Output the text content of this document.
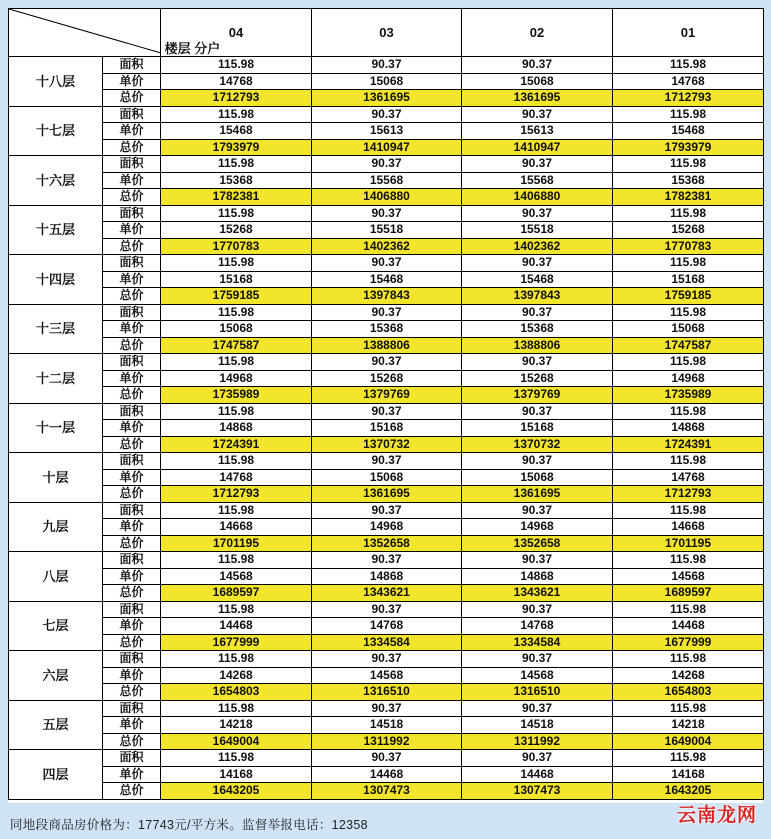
楼层 分户		04	03	02	01
十八层	面积	115.98	90.37	90.37	115.98
	单价	14768	15068	15068	14768
	总价	1712793	1361695	1361695	1712793
十七层	面积	115.98	90.37	90.37	115.98
	单价	15468	15613	15613	15468
	总价	1793979	1410947	1410947	1793979
十六层	面积	115.98	90.37	90.37	115.98
	单价	15368	15568	15568	15368
	总价	1782381	1406880	1406880	1782381
十五层	面积	115.98	90.37	90.37	115.98
	单价	15268	15518	15518	15268
	总价	1770783	1402362	1402362	1770783
十四层	面积	115.98	90.37	90.37	115.98
	单价	15168	15468	15468	15168
	总价	1759185	1397843	1397843	1759185
十三层	面积	115.98	90.37	90.37	115.98
	单价	15068	15368	15368	15068
	总价	1747587	1388806	1388806	1747587
十二层	面积	115.98	90.37	90.37	115.98
	单价	14968	15268	15268	14968
	总价	1735989	1379769	1379769	1735989
十一层	面积	115.98	90.37	90.37	115.98
	单价	14868	15168	15168	14868
	总价	1724391	1370732	1370732	1724391
十层	面积	115.98	90.37	90.37	115.98
	单价	14768	15068	15068	14768
	总价	1712793	1361695	1361695	1712793
九层	面积	115.98	90.37	90.37	115.98
	单价	14668	14968	14968	14668
	总价	1701195	1352658	1352658	1701195
八层	面积	115.98	90.37	90.37	115.98
	单价	14568	14868	14868	14568
	总价	1689597	1343621	1343621	1689597
七层	面积	115.98	90.37	90.37	115.98
	单价	14468	14768	14768	14468
	总价	1677999	1334584	1334584	1677999
六层	面积	115.98	90.37	90.37	115.98
	单价	14268	14568	14568	14268
	总价	1654803	1316510	1316510	1654803
五层	面积	115.98	90.37	90.37	115.98
	单价	14218	14518	14518	14218
	总价	1649004	1311992	1311992	1649004
四层	面积	115.98	90.37	90.37	115.98
	单价	14168	14468	14468	14168
	总价	1643205	1307473	1307473	1643205
同地段商品房价格为：17743元/平方米。监督举报电话：12358	云南龙网
